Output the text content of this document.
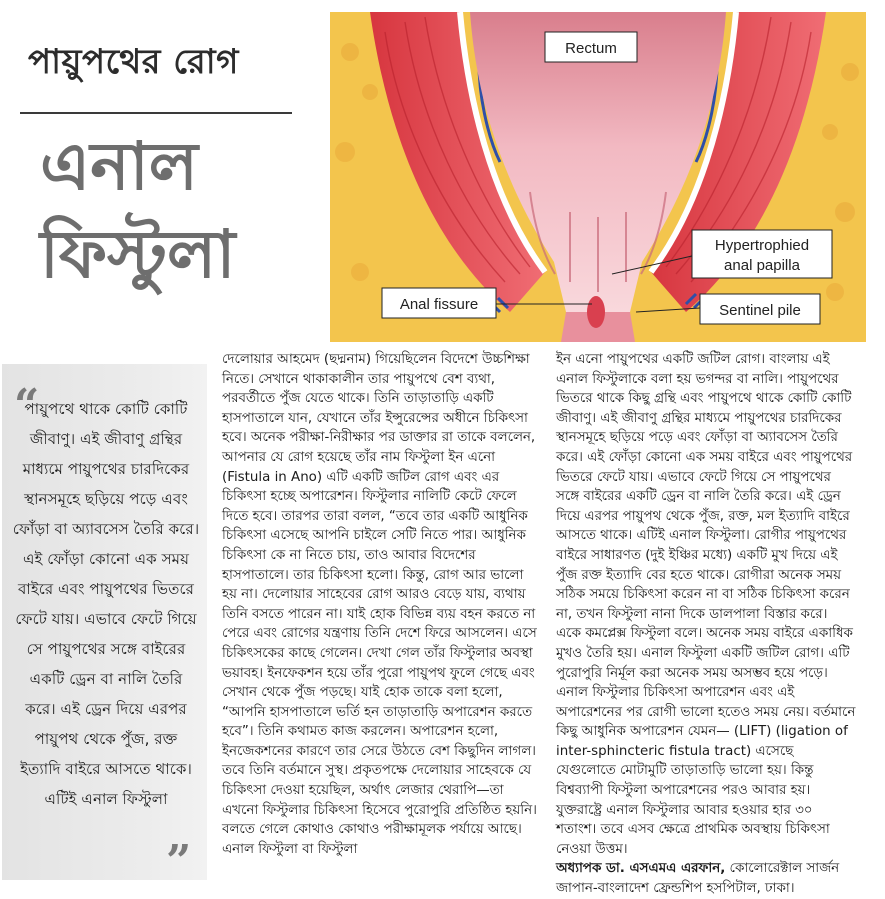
পায়ুপথের রোগ
এনাল
ফিস্টুলা
Rectum
Hypertrophied
anal papilla
Anal fissure	Sentinel pile
“
পায়ুপথে থাকে কোটি কোটি জীবাণু। এই জীবাণু গ্রন্থির মাধ্যমে পায়ুপথের চারদিকের স্থানসমূহে ছড়িয়ে পড়ে এবং ফোঁড়া বা অ্যাবসেস তৈরি করে। এই ফোঁড়া কোনো এক সময় বাইরে এবং পায়ুপথের ভিতরে ফেটে যায়। এভাবে ফেটে গিয়ে সে পায়ুপথের সঙ্গে বাইরের একটি ড্রেন বা নালি তৈরি করে। এই ড্রেন দিয়ে এরপর পায়ুপথ থেকে পুঁজ, রক্ত ইত্যাদি বাইরে আসতে থাকে। এটিই এনাল ফিস্টুলা
”

দেলোয়ার আহমেদ (ছদ্মনাম) গিয়েছিলেন বিদেশে উচ্চশিক্ষা নিতে। সেখানে থাকাকালীন তার পায়ুপথে বেশ ব্যথা, পরবর্তীতে পুঁজ যেতে থাকে। তিনি তাড়াতাড়ি একটি হাসপাতালে যান, যেখানে তাঁর ইন্সুরেন্সের অধীনে চিকিৎসা হবে। অনেক পরীক্ষা-নিরীক্ষার পর ডাক্তার রা তাকে বললেন, আপনার যে রোগ হয়েছে তাঁর নাম ফিস্টুলা ইন এনো (Fistula in Ano) এটি একটি জটিল রোগ এবং এর চিকিৎসা হচ্ছে অপারেশন। ফিস্টুলার নালিটি কেটে ফেলে দিতে হবে। তারপর তারা বলল, “তবে তার একটি আধুনিক চিকিৎসা এসেছে আপনি চাইলে সেটি নিতে পার। আধুনিক চিকিৎসা কে না নিতে চায়, তাও আবার বিদেশের হাসপাতালে। তার চিকিৎসা হলো। কিন্তু, রোগ আর ভালো হয় না। দেলোয়ার সাহেবের রোগ আরও বেড়ে যায়, ব্যথায় তিনি বসতে পারেন না। যাই হোক বিভিন্ন ব্যয় বহন করতে না পেরে এবং রোগের যন্ত্রণায় তিনি দেশে ফিরে আসলেন। এসে চিকিৎসকের কাছে গেলেন। দেখা গেল তাঁর ফিস্টুলার অবস্থা ভয়াবহ। ইনফেকশন হয়ে তাঁর পুরো পায়ুপথ ফুলে গেছে এবং সেখান থেকে পুঁজ পড়ছে। যাই হোক তাকে বলা হলো, “আপনি হাসপাতালে ভর্তি হন তাড়াতাড়ি অপারেশন করতে হবে”। তিনি কথামত কাজ করলেন। অপারেশন হলো, ইনজেকশনের কারণে তার সেরে উঠতে বেশ কিছুদিন লাগল। তবে তিনি বর্তমানে সুস্থ। প্রকৃতপক্ষে দেলোয়ার সাহেবকে যে চিকিৎসা দেওয়া হয়েছিল, অর্থাৎ লেজার থেরাপি—তা এখনো ফিস্টুলার চিকিৎসা হিসেবে পুরোপুরি প্রতিষ্ঠিত হয়নি। বলতে গেলে কোথাও কোথাও পরীক্ষামূলক পর্যায়ে আছে। এনাল ফিস্টুলা বা ফিস্টুলা

ইন এনো পায়ুপথের একটি জটিল রোগ। বাংলায় এই এনাল ফিস্টুলাকে বলা হয় ভগন্দর বা নালি। পায়ুপথের ভিতরে থাকে কিছু গ্রন্থি এবং পায়ুপথে থাকে কোটি কোটি জীবাণু। এই জীবাণু গ্রন্থির মাধ্যমে পায়ুপথের চারদিকের স্থানসমূহে ছড়িয়ে পড়ে এবং ফোঁড়া বা অ্যাবসেস তৈরি করে। এই ফোঁড়া কোনো এক সময় বাইরে এবং পায়ুপথের ভিতরে ফেটে যায়। এভাবে ফেটে গিয়ে সে পায়ুপথের সঙ্গে বাইরের একটি ড্রেন বা নালি তৈরি করে। এই ড্রেন দিয়ে এরপর পায়ুপথ থেকে পুঁজ, রক্ত, মল ইত্যাদি বাইরে আসতে থাকে। এটিই এনাল ফিস্টুলা। রোগীর পায়ুপথের বাইরে সাধারণত (দুই ইঞ্চির মধ্যে) একটি মুখ দিয়ে এই পুঁজ রক্ত ইত্যাদি বের হতে থাকে। রোগীরা অনেক সময় সঠিক সময়ে চিকিৎসা করেন না বা সঠিক চিকিৎসা করেন না, তখন ফিস্টুলা নানা দিকে ডালপালা বিস্তার করে। একে কমপ্লেক্স ফিস্টুলা বলে। অনেক সময় বাইরে একাধিক মুখও তৈরি হয়। এনাল ফিস্টুলা একটি জটিল রোগ। এটি পুরোপুরি নির্মূল করা অনেক সময় অসম্ভব হয়ে পড়ে। এনাল ফিস্টুলার চিকিৎসা অপারেশন এবং এই অপারেশনের পর রোগী ভালো হতেও সময় নেয়। বর্তমানে কিছু আধুনিক অপারেশন যেমন— (LIFT) (ligation of inter-sphincteric fistula tract) এসেছে যেগুলোতে মোটামুটি তাড়াতাড়ি ভালো হয়। কিন্তু বিশ্বব্যাপী ফিস্টুলা অপারেশনের পরও আবার হয়। যুক্তরাষ্ট্রে এনাল ফিস্টুলার আবার হওয়ার হার ৩০ শতাংশ। তবে এসব ক্ষেত্রে প্রাথমিক অবস্থায় চিকিৎসা নেওয়া উত্তম।

অধ্যাপক ডা. এসএমএ এরফান, কোলোরেক্টাল সার্জন

জাপান-বাংলাদেশ ফ্রেন্ডশিপ হসপিটাল, ঢাকা।
